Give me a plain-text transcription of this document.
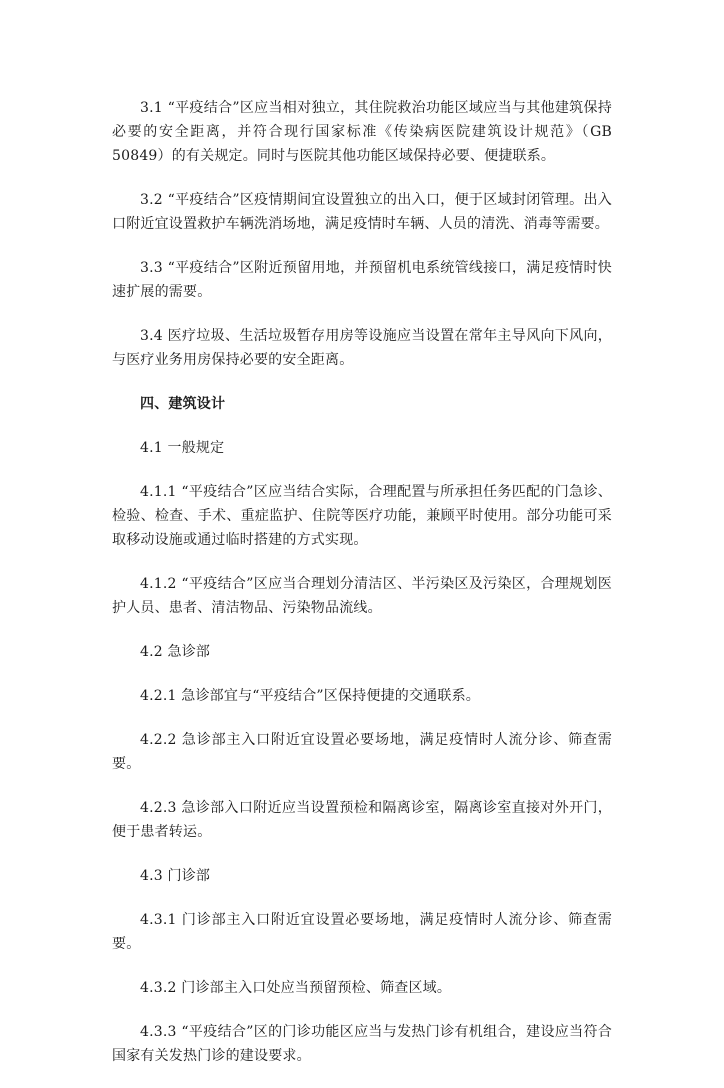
3.1 “平疫结合”区应当相对独立，其住院救治功能区域应当与其他建筑保持必要的安全距离，并符合现行国家标准《传染病医院建筑设计规范》（GB 50849）的有关规定。同时与医院其他功能区域保持必要、便捷联系。

3.2 “平疫结合”区疫情期间宜设置独立的出入口，便于区域封闭管理。出入口附近宜设置救护车辆洗消场地，满足疫情时车辆、人员的清洗、消毒等需要。

3.3 “平疫结合”区附近预留用地，并预留机电系统管线接口，满足疫情时快速扩展的需要。

3.4 医疗垃圾、生活垃圾暂存用房等设施应当设置在常年主导风向下风向，与医疗业务用房保持必要的安全距离。

四、建筑设计

4.1 一般规定

4.1.1 “平疫结合”区应当结合实际，合理配置与所承担任务匹配的门急诊、检验、检查、手术、重症监护、住院等医疗功能，兼顾平时使用。部分功能可采取移动设施或通过临时搭建的方式实现。

4.1.2 “平疫结合”区应当合理划分清洁区、半污染区及污染区，合理规划医护人员、患者、清洁物品、污染物品流线。

4.2 急诊部

4.2.1 急诊部宜与“平疫结合”区保持便捷的交通联系。

4.2.2 急诊部主入口附近宜设置必要场地，满足疫情时人流分诊、筛查需要。

4.2.3 急诊部入口附近应当设置预检和隔离诊室，隔离诊室直接对外开门，便于患者转运。

4.3 门诊部

4.3.1 门诊部主入口附近宜设置必要场地，满足疫情时人流分诊、筛查需要。

4.3.2 门诊部主入口处应当预留预检、筛查区域。

4.3.3 “平疫结合”区的门诊功能区应当与发热门诊有机组合，建设应当符合国家有关发热门诊的建设要求。
